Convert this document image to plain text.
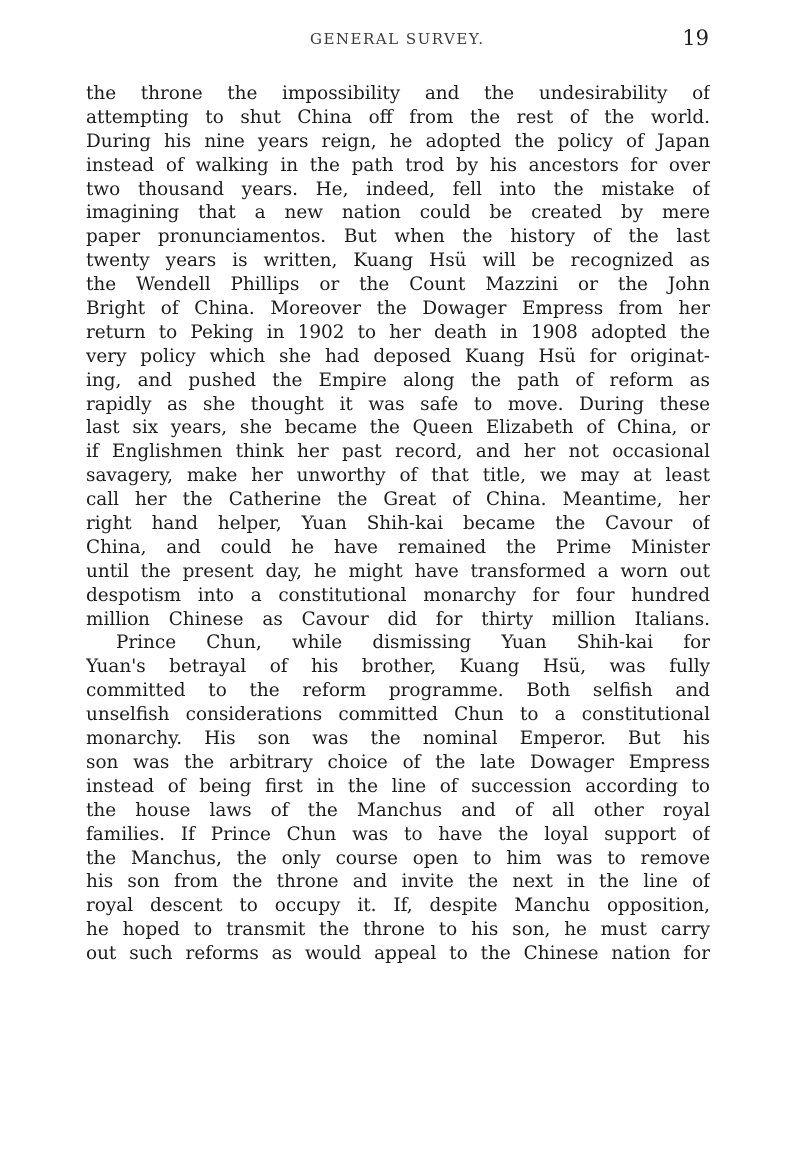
GENERAL SURVEY.	19
the throne the impossibility and the undesirability of
attempting to shut China off from the rest of the world.
During his nine years reign, he adopted the policy of Japan
instead of walking in the path trod by his ancestors for over
two thousand years. He, indeed, fell into the mistake of
imagining that a new nation could be created by mere
paper pronunciamentos. But when the history of the last
twenty years is written, Kuang Hsü will be recognized as
the Wendell Phillips or the Count Mazzini or the John
Bright of China. Moreover the Dowager Empress from her
return to Peking in 1902 to her death in 1908 adopted the
very policy which she had deposed Kuang Hsü for originat-
ing, and pushed the Empire along the path of reform as
rapidly as she thought it was safe to move. During these
last six years, she became the Queen Elizabeth of China, or
if Englishmen think her past record, and her not occasional
savagery, make her unworthy of that title, we may at least
call her the Catherine the Great of China. Meantime, her
right hand helper, Yuan Shih-kai became the Cavour of
China, and could he have remained the Prime Minister
until the present day, he might have transformed a worn out
despotism into a constitutional monarchy for four hundred
million Chinese as Cavour did for thirty million Italians.
Prince Chun, while dismissing Yuan Shih-kai for
Yuan's betrayal of his brother, Kuang Hsü, was fully
committed to the reform programme. Both selfish and
unselfish considerations committed Chun to a constitutional
monarchy. His son was the nominal Emperor. But his
son was the arbitrary choice of the late Dowager Empress
instead of being first in the line of succession according to
the house laws of the Manchus and of all other royal
families. If Prince Chun was to have the loyal support of
the Manchus, the only course open to him was to remove
his son from the throne and invite the next in the line of
royal descent to occupy it. If, despite Manchu opposition,
he hoped to transmit the throne to his son, he must carry
out such reforms as would appeal to the Chinese nation for
